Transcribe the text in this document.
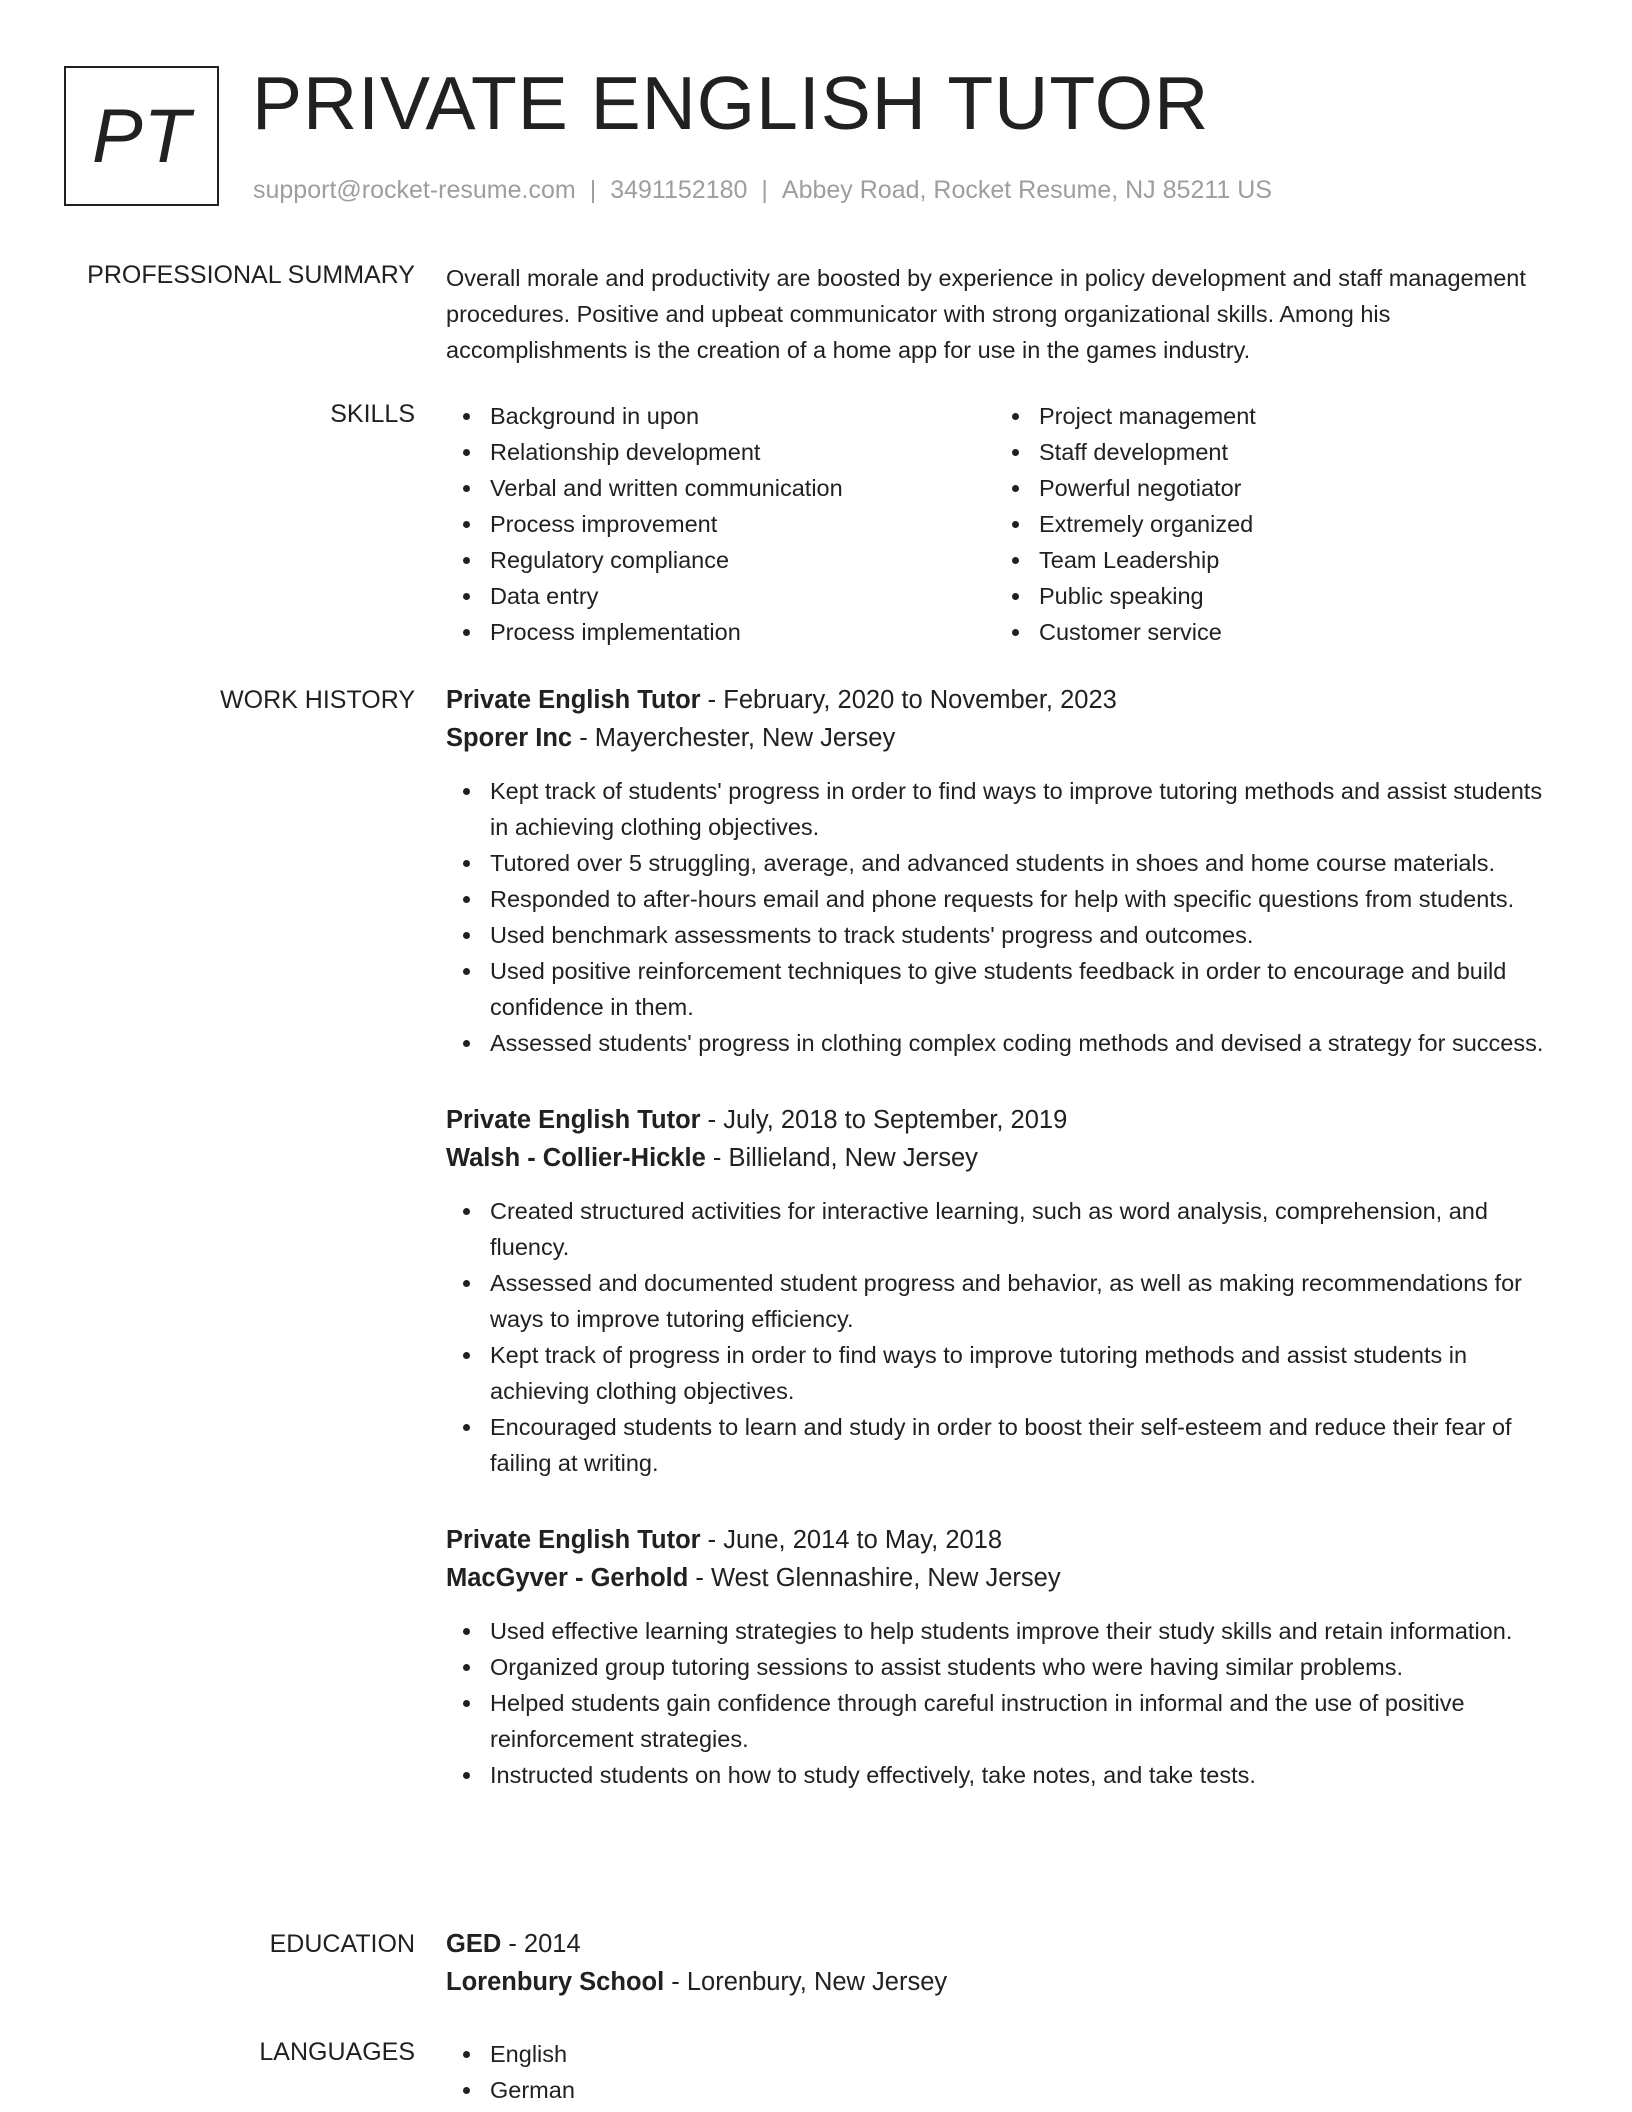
PT PRIVATE ENGLISH TUTOR
support@rocket-resume.com | 3491152180 | Abbey Road, Rocket Resume, NJ 85211 US
PROFESSIONAL SUMMARY Overall morale and productivity are boosted by experience in policy development and staff management procedures. Positive and upbeat communicator with strong organizational skills. Among his accomplishments is the creation of a home app for use in the games industry.

SKILLS	Background in upon
Relationship development
Verbal and written communication
Process improvement
Regulatory compliance
Data entry
Process implementation
Project management
Staff development
Powerful negotiator
Extremely organized
Team Leadership
Public speaking
Customer service
WORK HISTORY Private English Tutor - February, 2020 to November, 2023
Sporer Inc - Mayerchester, New Jersey
Kept track of students' progress in order to find ways to improve tutoring methods and assist students in achieving clothing objectives.
Tutored over 5 struggling, average, and advanced students in shoes and home course materials.
Responded to after-hours email and phone requests for help with specific questions from students.
Used benchmark assessments to track students' progress and outcomes.
Used positive reinforcement techniques to give students feedback in order to encourage and build confidence in them.
Assessed students' progress in clothing complex coding methods and devised a strategy for success.
Private English Tutor - July, 2018 to September, 2019
Walsh - Collier-Hickle - Billieland, New Jersey
Created structured activities for interactive learning, such as word analysis, comprehension, and fluency.
Assessed and documented student progress and behavior, as well as making recommendations for ways to improve tutoring efficiency.
Kept track of progress in order to find ways to improve tutoring methods and assist students in achieving clothing objectives.
Encouraged students to learn and study in order to boost their self-esteem and reduce their fear of failing at writing.
Private English Tutor - June, 2014 to May, 2018
MacGyver - Gerhold - West Glennashire, New Jersey
Used effective learning strategies to help students improve their study skills and retain information.
Organized group tutoring sessions to assist students who were having similar problems.
Helped students gain confidence through careful instruction in informal and the use of positive reinforcement strategies.
Instructed students on how to study effectively, take notes, and take tests.
EDUCATION GED - 2014
Lorenbury School - Lorenbury, New Jersey
LANGUAGES	English
German
